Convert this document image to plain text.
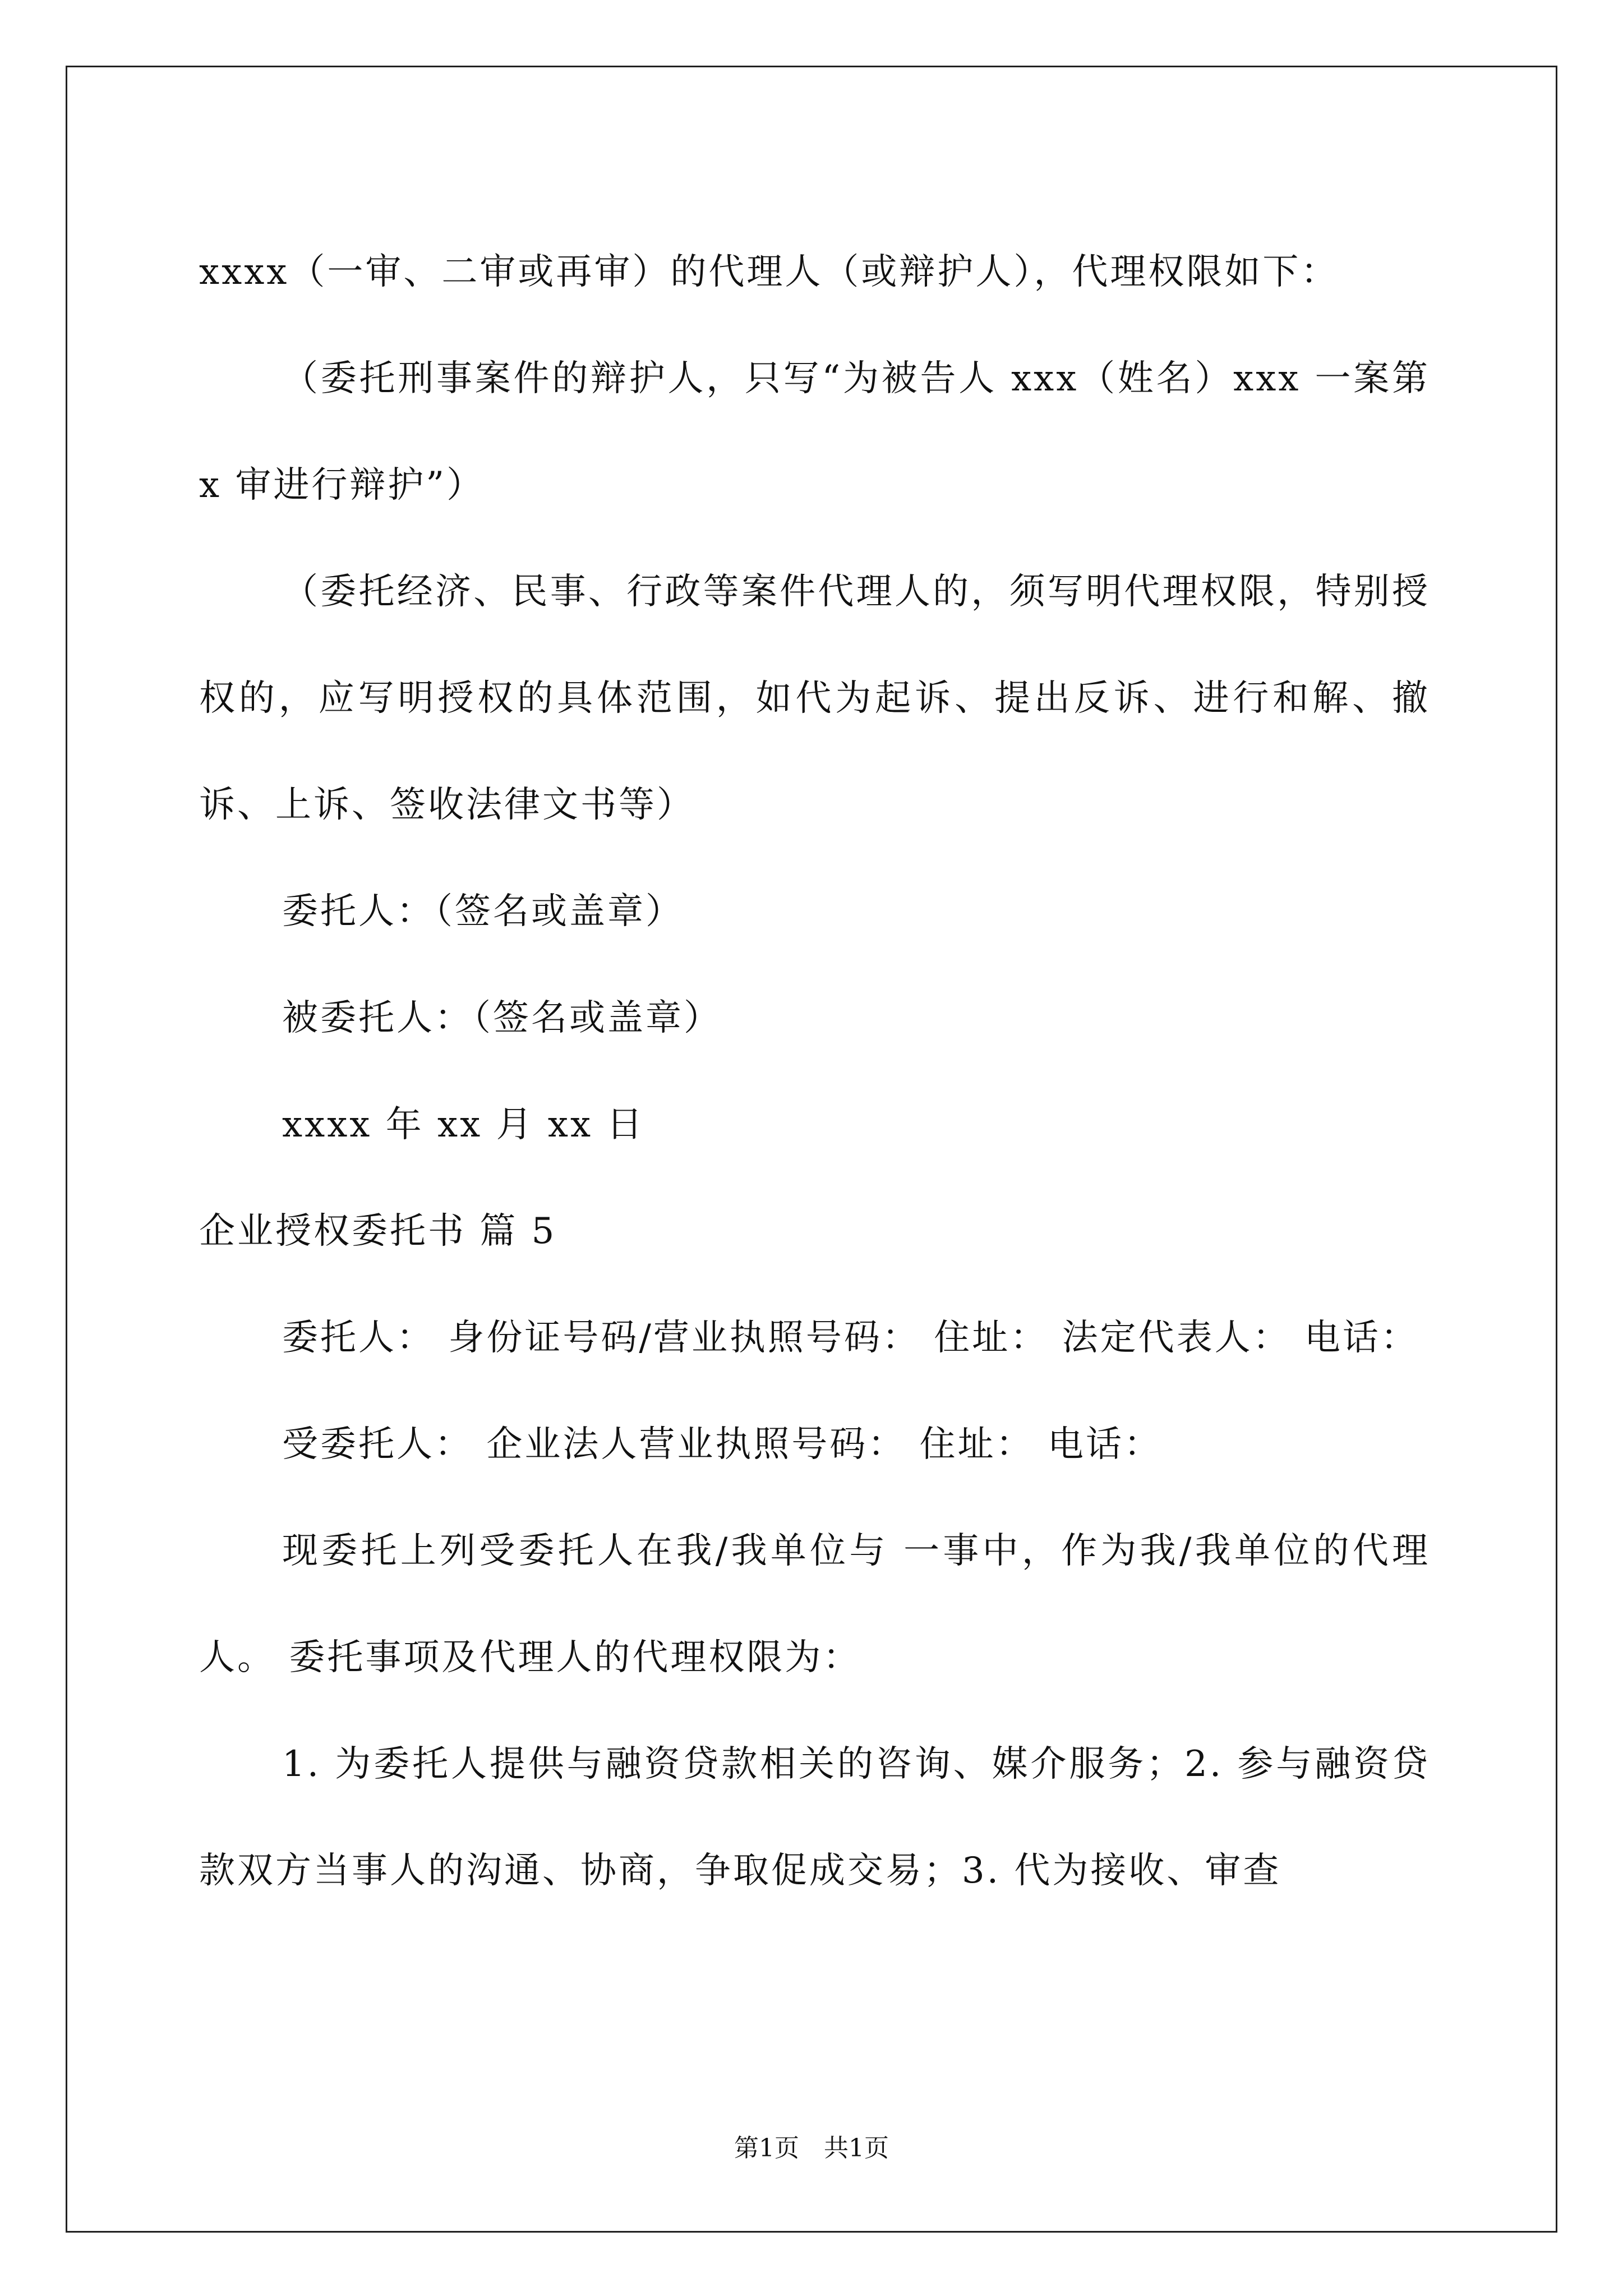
xxxx（一审、二审或再审）的代理人（或辩护人），代理权限如下：

（委托刑事案件的辩护人，只写“为被告人 xxx（姓名）xxx 一案第 x 审进行辩护”）

（委托经济、民事、行政等案件代理人的，须写明代理权限，特别授权的，应写明授权的具体范围，如代为起诉、提出反诉、进行和解、撤诉、上诉、签收法律文书等）

委托人：（签名或盖章）

被委托人：（签名或盖章）

xxxx 年 xx 月 xx 日

企业授权委托书 篇 5

委托人： 身份证号码/营业执照号码： 住址： 法定代表人： 电话：

受委托人： 企业法人营业执照号码： 住址： 电话：

现委托上列受委托人在我/我单位与 一事中，作为我/我单位的代理人。 委托事项及代理人的代理权限为：

1. 为委托人提供与融资贷款相关的咨询、媒介服务；2. 参与融资贷款双方当事人的沟通、协商，争取促成交易；3. 代为接收、审查

第1页　共1页
